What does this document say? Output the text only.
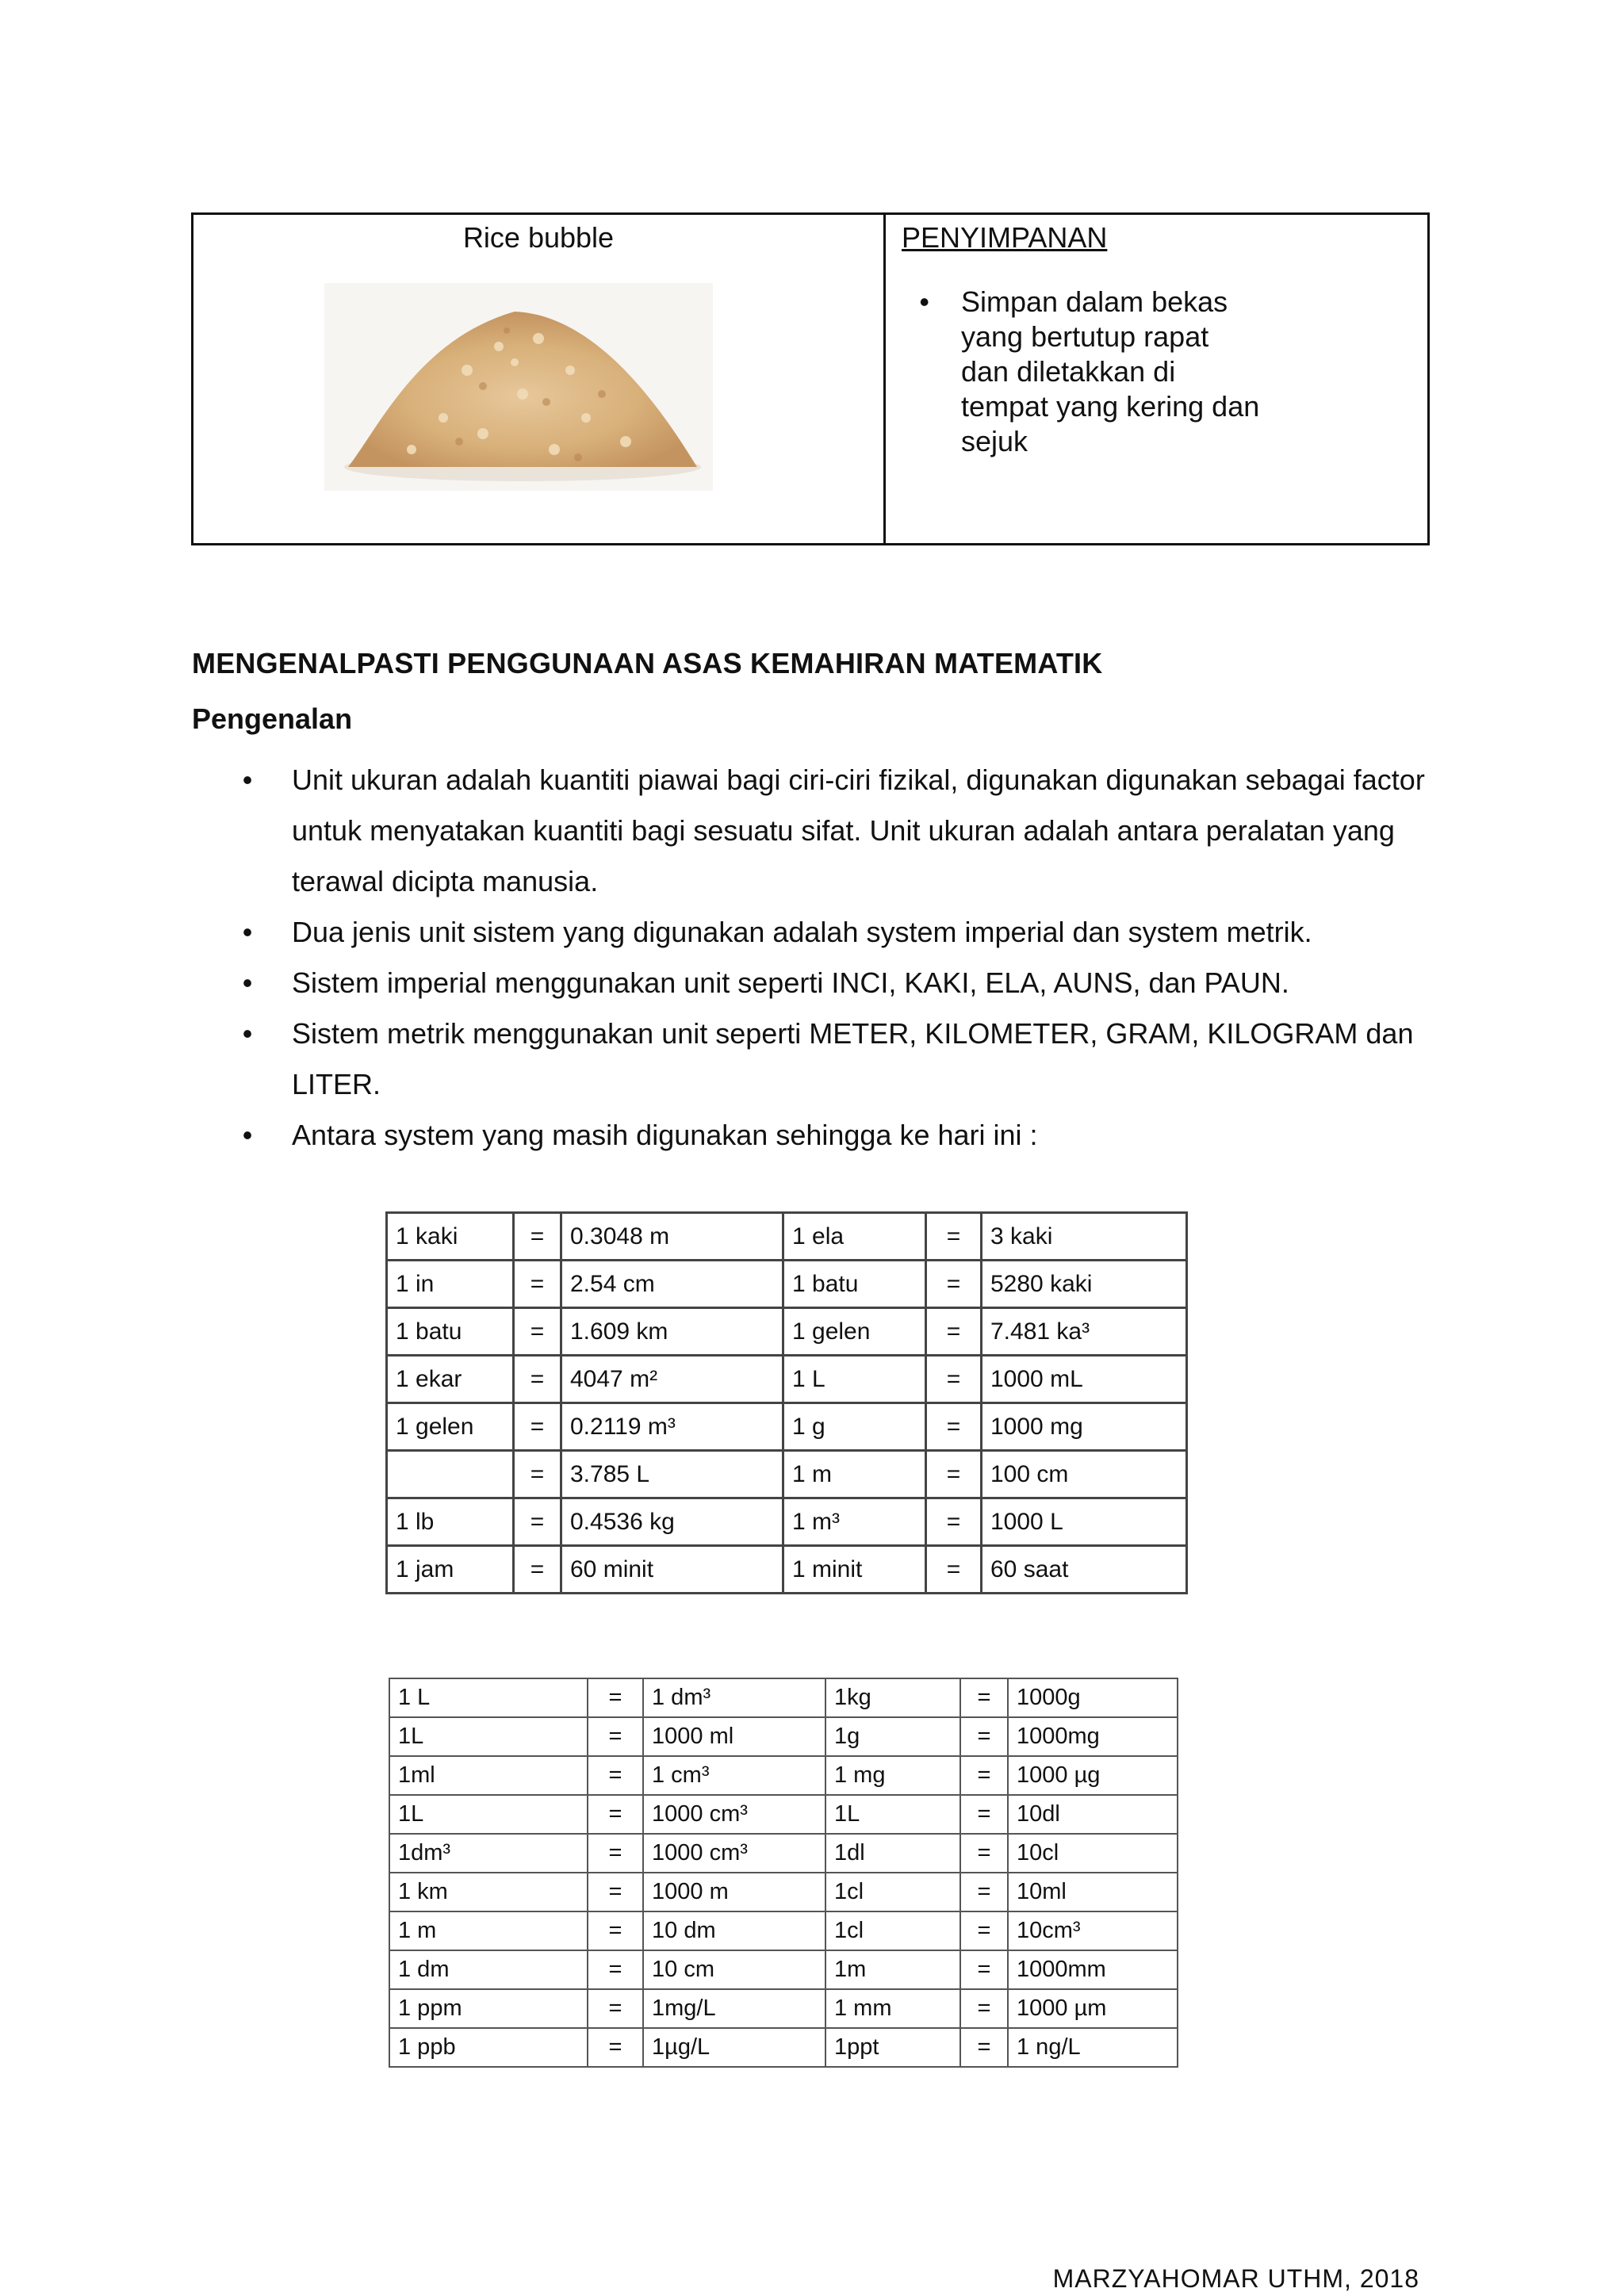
Rice bubble	PENYIMPANAN
• Simpan dalam bekas yang bertutup rapat dan diletakkan di tempat yang kering dan sejuk
MENGENALPASTI PENGGUNAAN ASAS KEMAHIRAN MATEMATIK
Pengenalan
• Unit ukuran adalah kuantiti piawai bagi ciri-ciri fizikal, digunakan digunakan sebagai factor untuk menyatakan kuantiti bagi sesuatu sifat. Unit ukuran adalah antara peralatan yang terawal dicipta manusia.
• Dua jenis unit sistem yang digunakan adalah system imperial dan system metrik.
• Sistem imperial menggunakan unit seperti INCI, KAKI, ELA, AUNS, dan PAUN.
• Sistem metrik menggunakan unit seperti METER, KILOMETER, GRAM, KILOGRAM dan LITER.
• Antara system yang masih digunakan sehingga ke hari ini :
1 kaki	=	0.3048 m	1 ela	=	3 kaki
1 in	=	2.54 cm	1 batu	=	5280 kaki
1 batu	=	1.609 km	1 gelen	=	7.481 ka³
1 ekar	=	4047 m²	1 L	=	1000 mL
1 gelen	=	0.2119 m³	1 g	=	1000 mg
	=	3.785 L	1 m	=	100 cm
1 lb	=	0.4536 kg	1 m³	=	1000 L
1 jam	=	60 minit	1 minit	=	60 saat
1 L	=	1 dm³	1kg	=	1000g
1L	=	1000 ml	1g	=	1000mg
1ml	=	1 cm³	1 mg	=	1000 µg
1L	=	1000 cm³	1L	=	10dl
1dm³	=	1000 cm³	1dl	=	10cl
1 km	=	1000 m	1cl	=	10ml
1 m	=	10 dm	1cl	=	10cm³
1 dm	=	10 cm	1m	=	1000mm
1 ppm	=	1mg/L	1 mm	=	1000 µm
1 ppb	=	1µg/L	1ppt	=	1 ng/L
MARZYAHOMAR UTHM, 2018
